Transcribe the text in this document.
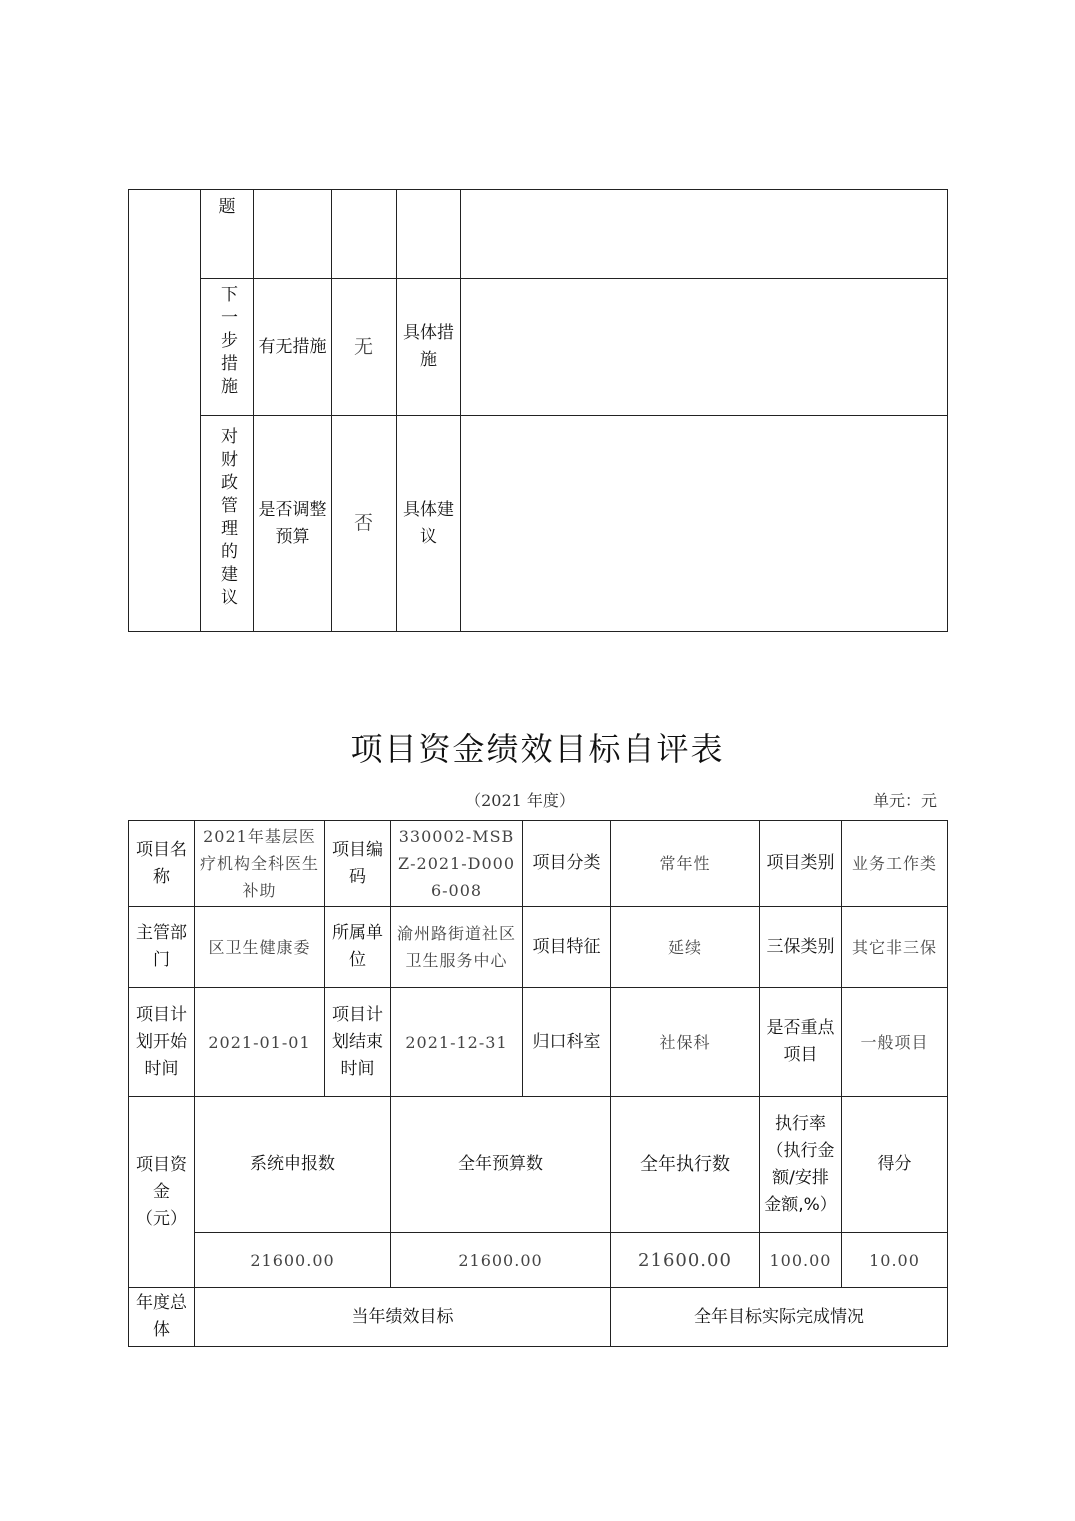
	题				
	下一步措施	有无措施	无	具体措施	
	对财政管理的建议	是否调整预算	否	具体建议	
项目资金绩效目标自评表
（2021 年度）	单元：元
项目名称	2021年基层医疗机构全科医生补助	项目编码	330002-MSBZ-2021-D0006-008	项目分类	常年性	项目类别	业务工作类
主管部门	区卫生健康委	所属单位	渝州路街道社区卫生服务中心	项目特征	延续	三保类别	其它非三保
项目计划开始时间	2021-01-01	项目计划结束时间	2021-12-31	归口科室	社保科	是否重点项目	一般项目
项目资金（元）	系统申报数		全年预算数		全年执行数	执行率（执行金额/安排金额,%）	得分
	21600.00		21600.00		21600.00	100.00	10.00
年度总体	当年绩效目标				全年目标实际完成情况		
